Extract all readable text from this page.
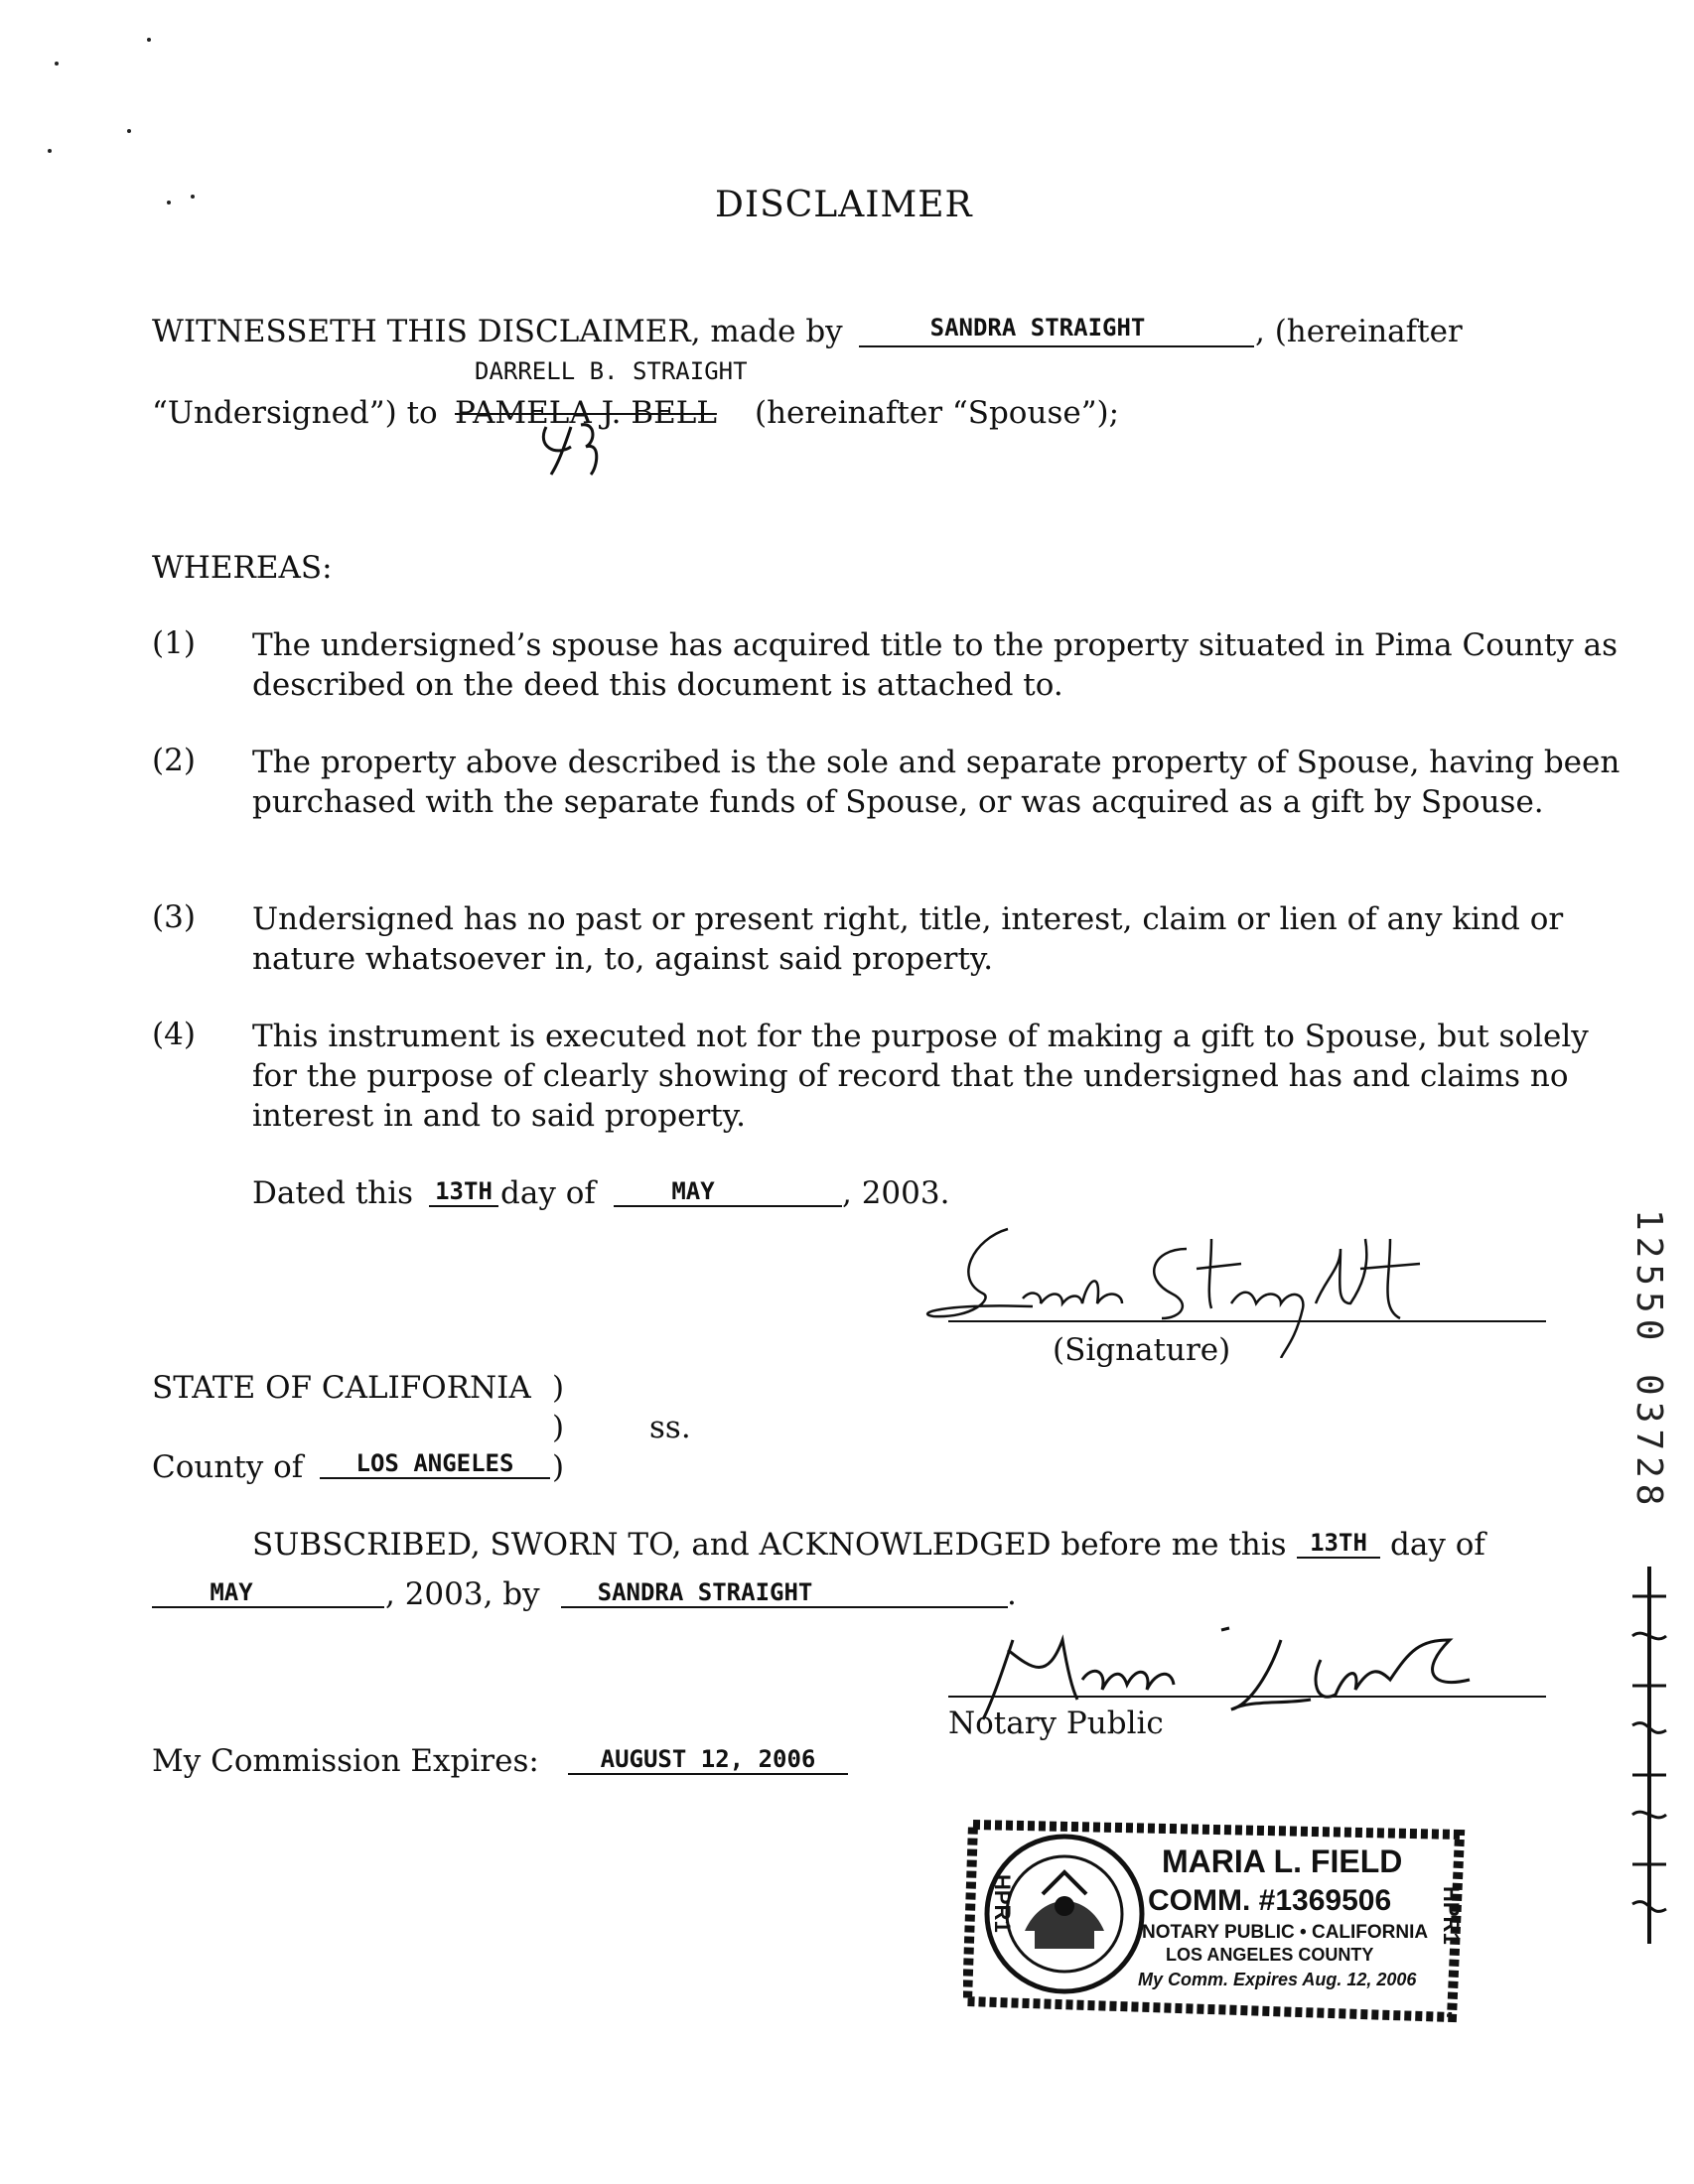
DISCLAIMER
WITNESSETH THIS DISCLAIMER, made by	SANDRA STRAIGHT	, (hereinafter
DARRELL B. STRAIGHT
“Undersigned”) to PAMELA J. BELL (hereinafter “Spouse”);
WHEREAS:
(1) The undersigned’s spouse has acquired title to the property situated in Pima County as described on the deed this document is attached to.
(2) The property above described is the sole and separate property of Spouse, having been purchased with the separate funds of Spouse, or was acquired as a gift by Spouse.
(3) Undersigned has no past or present right, title, interest, claim or lien of any kind or nature whatsoever in, to, against said property.
(4) This instrument is executed not for the purpose of making a gift to Spouse, but solely for the purpose of clearly showing of record that the undersigned has and claims no interest in and to said property.
Dated this 13TH day of	MAY	, 2003.
(Signature)
STATE OF CALIFORNIA )
)	ss.
County of	LOS ANGELES	)
SUBSCRIBED, SWORN TO, and ACKNOWLEDGED before me this 13TH day of
MAY	, 2003, by	SANDRA STRAIGHT	.
Notary Public
My Commission Expires:	AUGUST 12, 2006
HPR1	HPR1
MARIA L. FIELD
COMM. #1369506
NOTARY PUBLIC • CALIFORNIA
LOS ANGELES COUNTY
My Comm. Expires Aug. 12, 2006
12550 03728
